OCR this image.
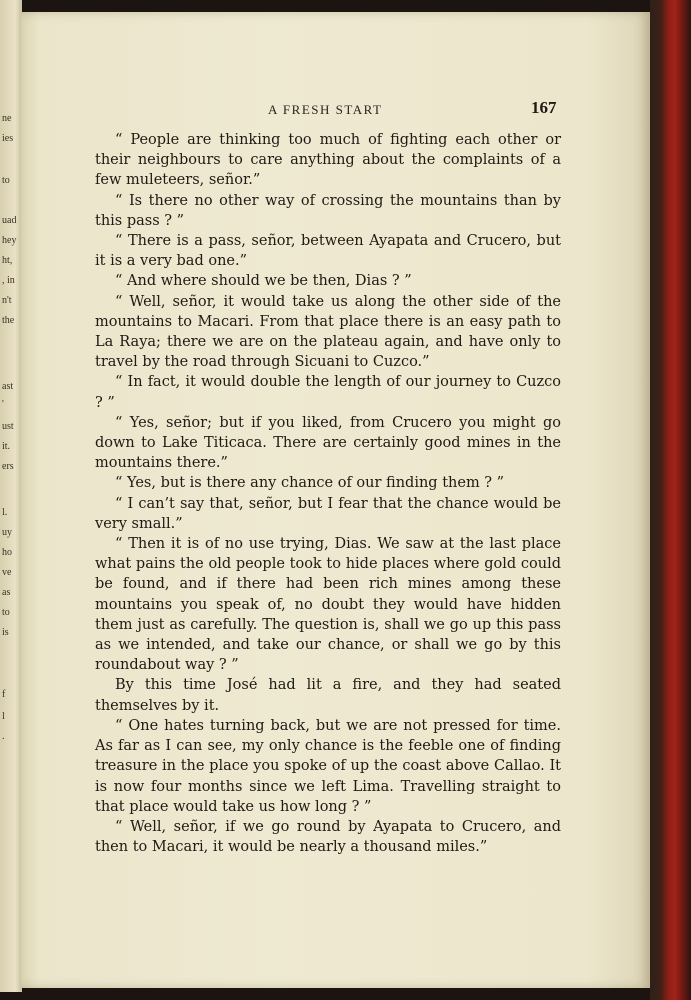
ne
ies
to
uad
hey
ht,
, in
n't
the
ast
'
ust
it.
ers
l.
uy
ho
ve
as
to
is
f
l
.
A FRESH START	167

“ People are thinking too much of fighting each other or their neighbours to care anything about the complaints of a few muleteers, señor.”

“ Is there no other way of crossing the mountains than by this pass ? ”

“ There is a pass, señor, between Ayapata and Crucero, but it is a very bad one.”

“ And where should we be then, Dias ? ”

“ Well, señor, it would take us along the other side of the mountains to Macari. From that place there is an easy path to La Raya; there we are on the plateau again, and have only to travel by the road through Sicuani to Cuzco.”

“ In fact, it would double the length of our journey to Cuzco ? ”

“ Yes, señor; but if you liked, from Crucero you might go down to Lake Titicaca. There are certainly good mines in the mountains there.”

“ Yes, but is there any chance of our finding them ? ”

“ I can’t say that, señor, but I fear that the chance would be very small.”

“ Then it is of no use trying, Dias. We saw at the last place what pains the old people took to hide places where gold could be found, and if there had been rich mines among these mountains you speak of, no doubt they would have hidden them just as carefully. The question is, shall we go up this pass as we intended, and take our chance, or shall we go by this roundabout way ? ”

By this time José had lit a fire, and they had seated themselves by it.

“ One hates turning back, but we are not pressed for time. As far as I can see, my only chance is the feeble one of finding treasure in the place you spoke of up the coast above Callao. It is now four months since we left Lima. Travelling straight to that place would take us how long ? ”

“ Well, señor, if we go round by Ayapata to Crucero, and then to Macari, it would be nearly a thousand miles.”
